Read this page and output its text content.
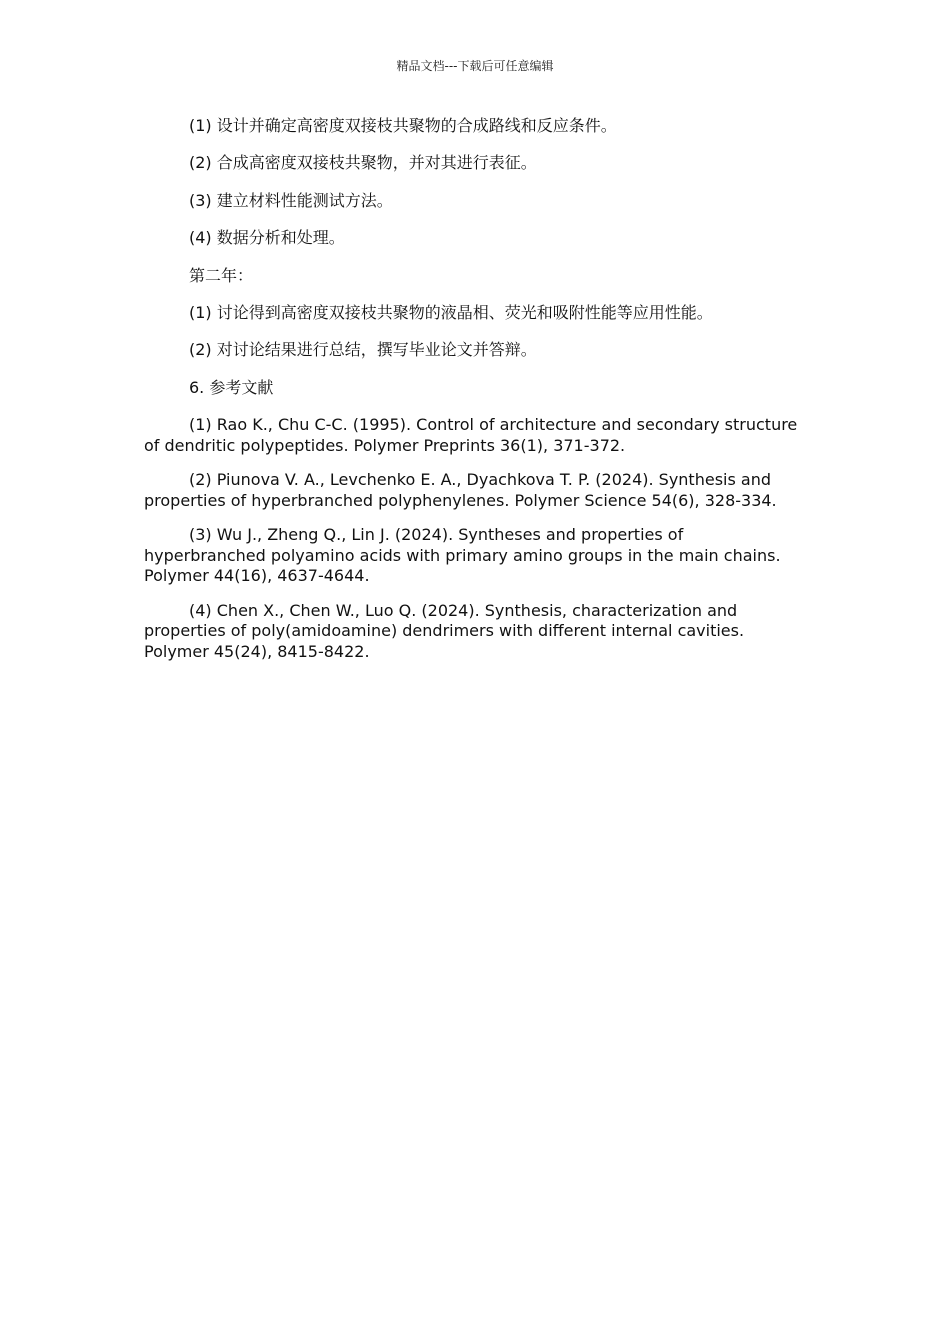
精品文档---下载后可任意编辑

(1) 设计并确定高密度双接枝共聚物的合成路线和反应条件。

(2) 合成高密度双接枝共聚物，并对其进行表征。

(3) 建立材料性能测试方法。

(4) 数据分析和处理。

第二年：

(1) 讨论得到高密度双接枝共聚物的液晶相、荧光和吸附性能等应用性能。

(2) 对讨论结果进行总结，撰写毕业论文并答辩。

6. 参考文献

(1) Rao K., Chu C-C. (1995). Control of architecture and secondary structure of dendritic polypeptides. Polymer Preprints 36(1), 371-372.

(2) Piunova V. A., Levchenko E. A., Dyachkova T. P. (2024). Synthesis and properties of hyperbranched polyphenylenes. Polymer Science 54(6), 328-334.

(3) Wu J., Zheng Q., Lin J. (2024). Syntheses and properties of hyperbranched polyamino acids with primary amino groups in the main chains. Polymer 44(16), 4637-4644.

(4) Chen X., Chen W., Luo Q. (2024). Synthesis, characterization and properties of poly(amidoamine) dendrimers with different internal cavities. Polymer 45(24), 8415-8422.
